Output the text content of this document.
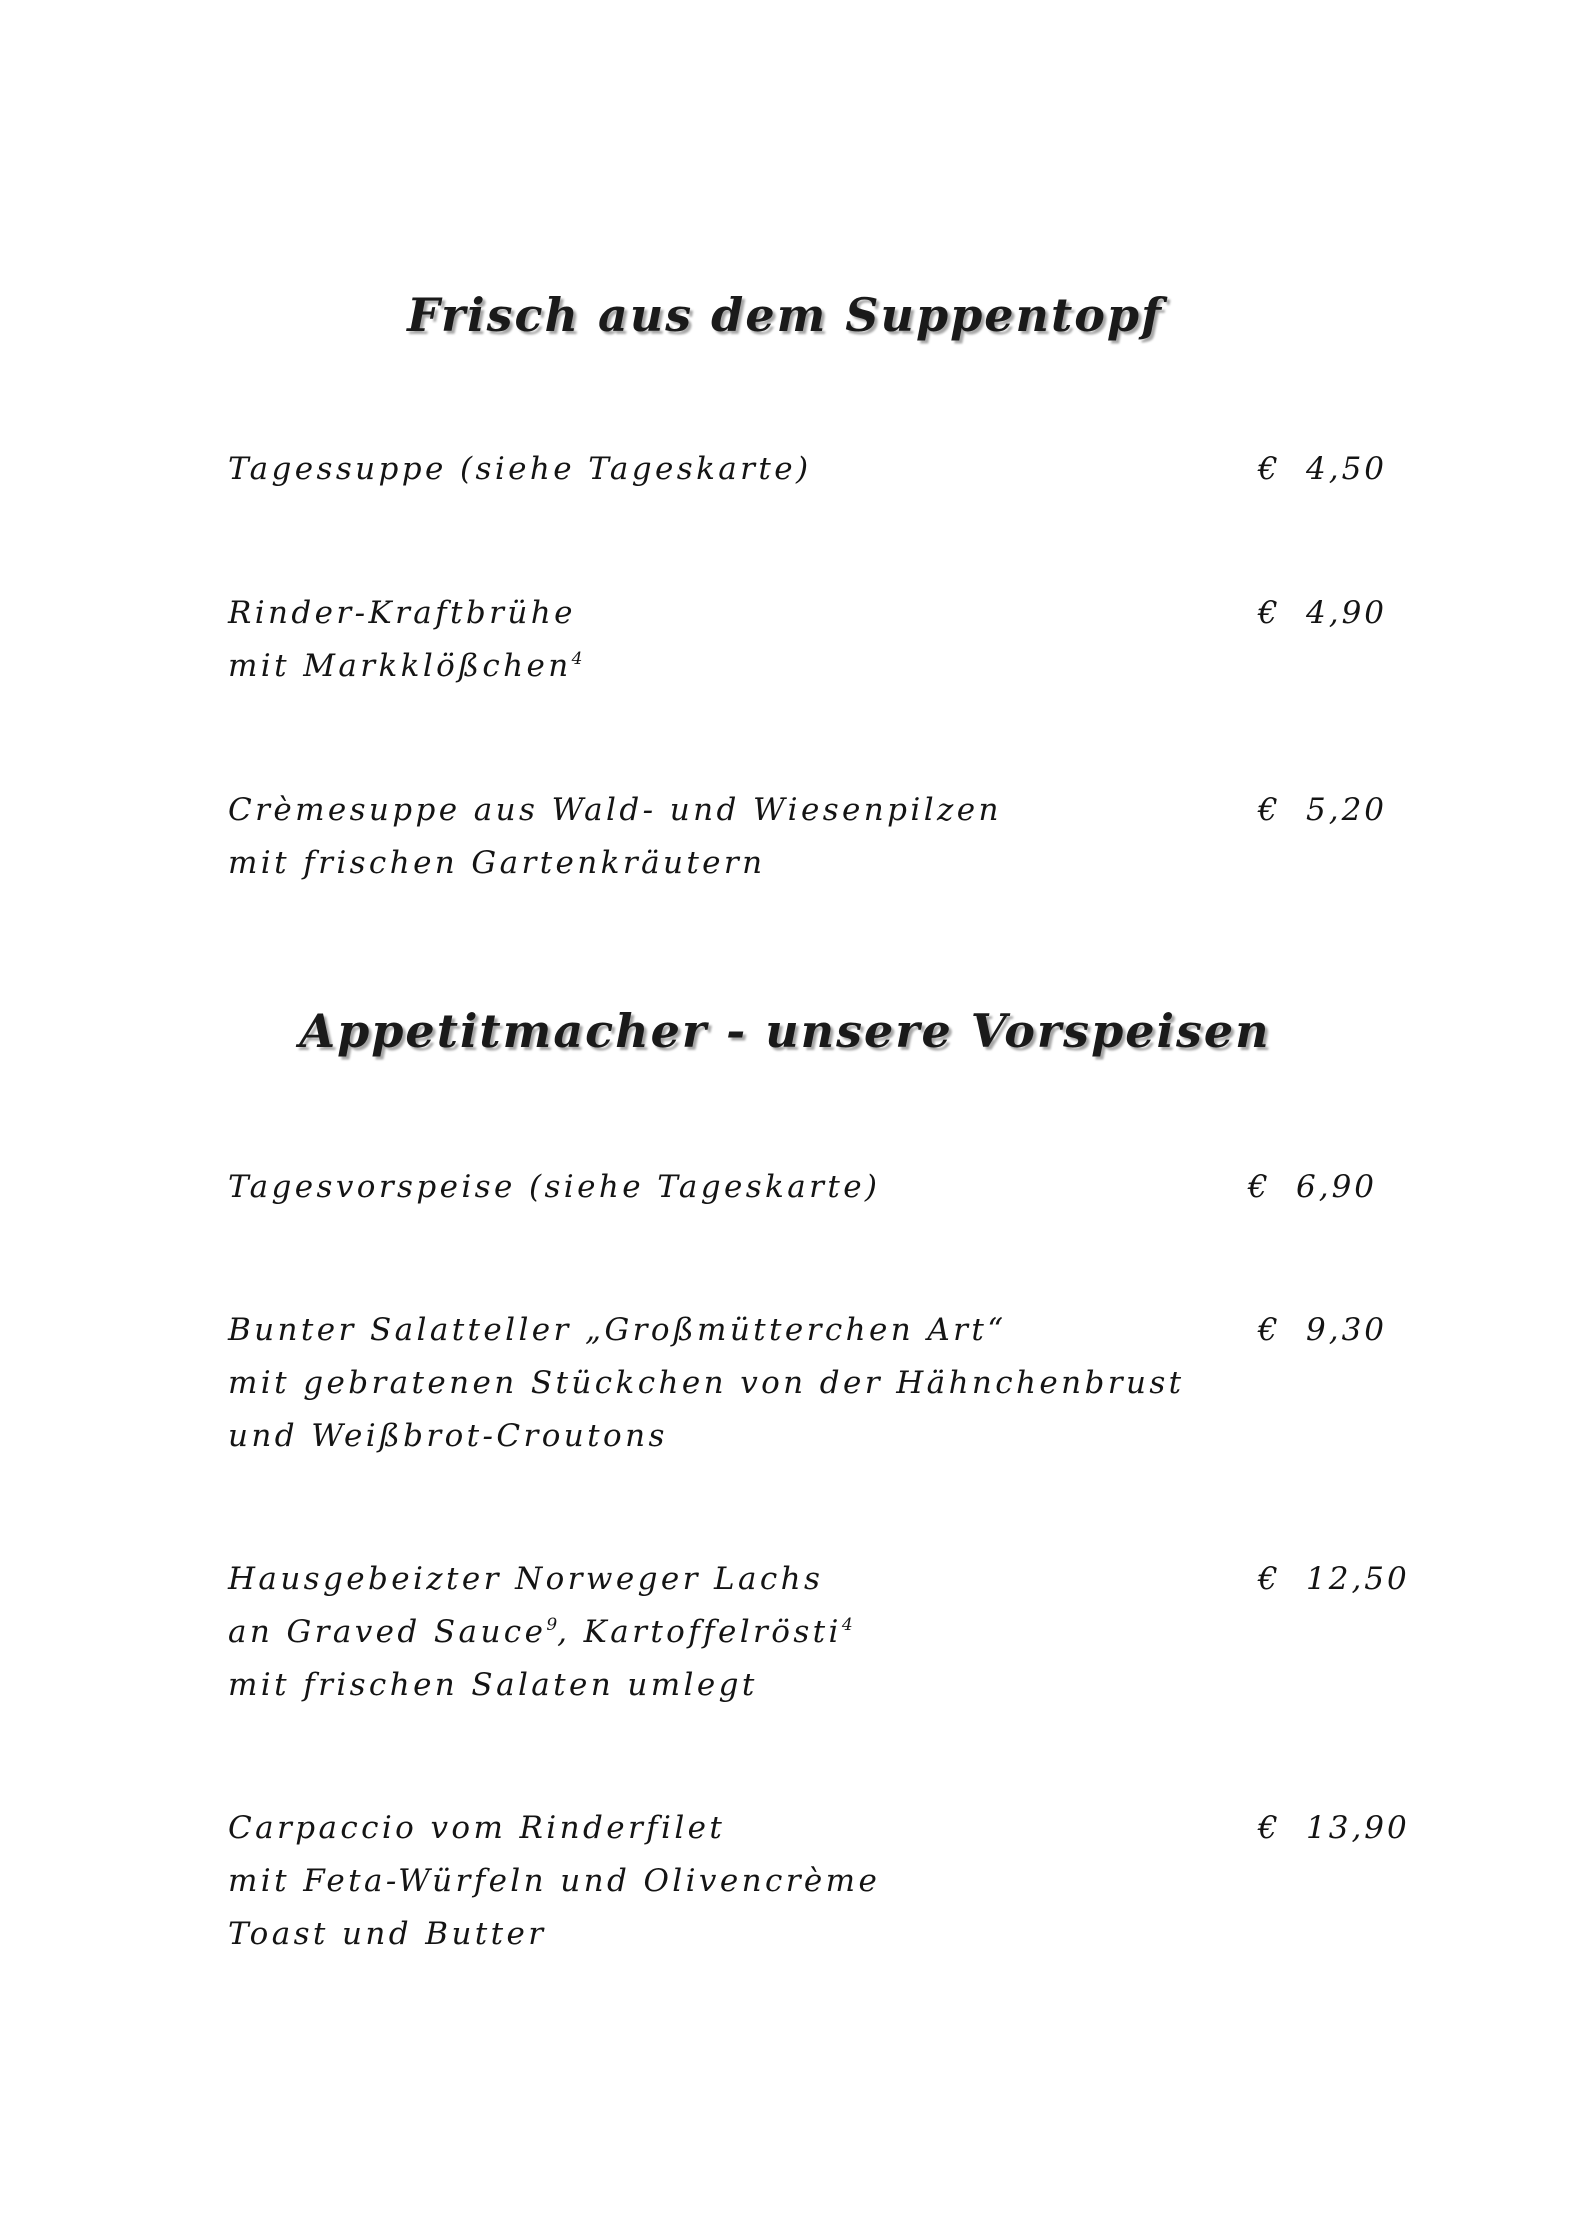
Frisch aus dem Suppentopf
Tagessuppe (siehe Tageskarte)	€ 4,50
Rinder-Kraftbrühe
mit Markklößchen$^4$
€ 4,90
Crèmesuppe aus Wald- und Wiesenpilzen
mit frischen Gartenkräutern
€ 5,20
Appetitmacher - unsere Vorspeisen
Tagesvorspeise (siehe Tageskarte)	€ 6,90
Bunter Salatteller „Großmütterchen Art“
mit gebratenen Stückchen von der Hähnchenbrust
und Weißbrot-Croutons
€ 9,30
Hausgebeizter Norweger Lachs
an Graved Sauce$^9$, Kartoffelrösti$^4$
mit frischen Salaten umlegt
€ 12,50
Carpaccio vom Rinderfilet
mit Feta-Würfeln und Olivencrème
Toast und Butter
€ 13,90
